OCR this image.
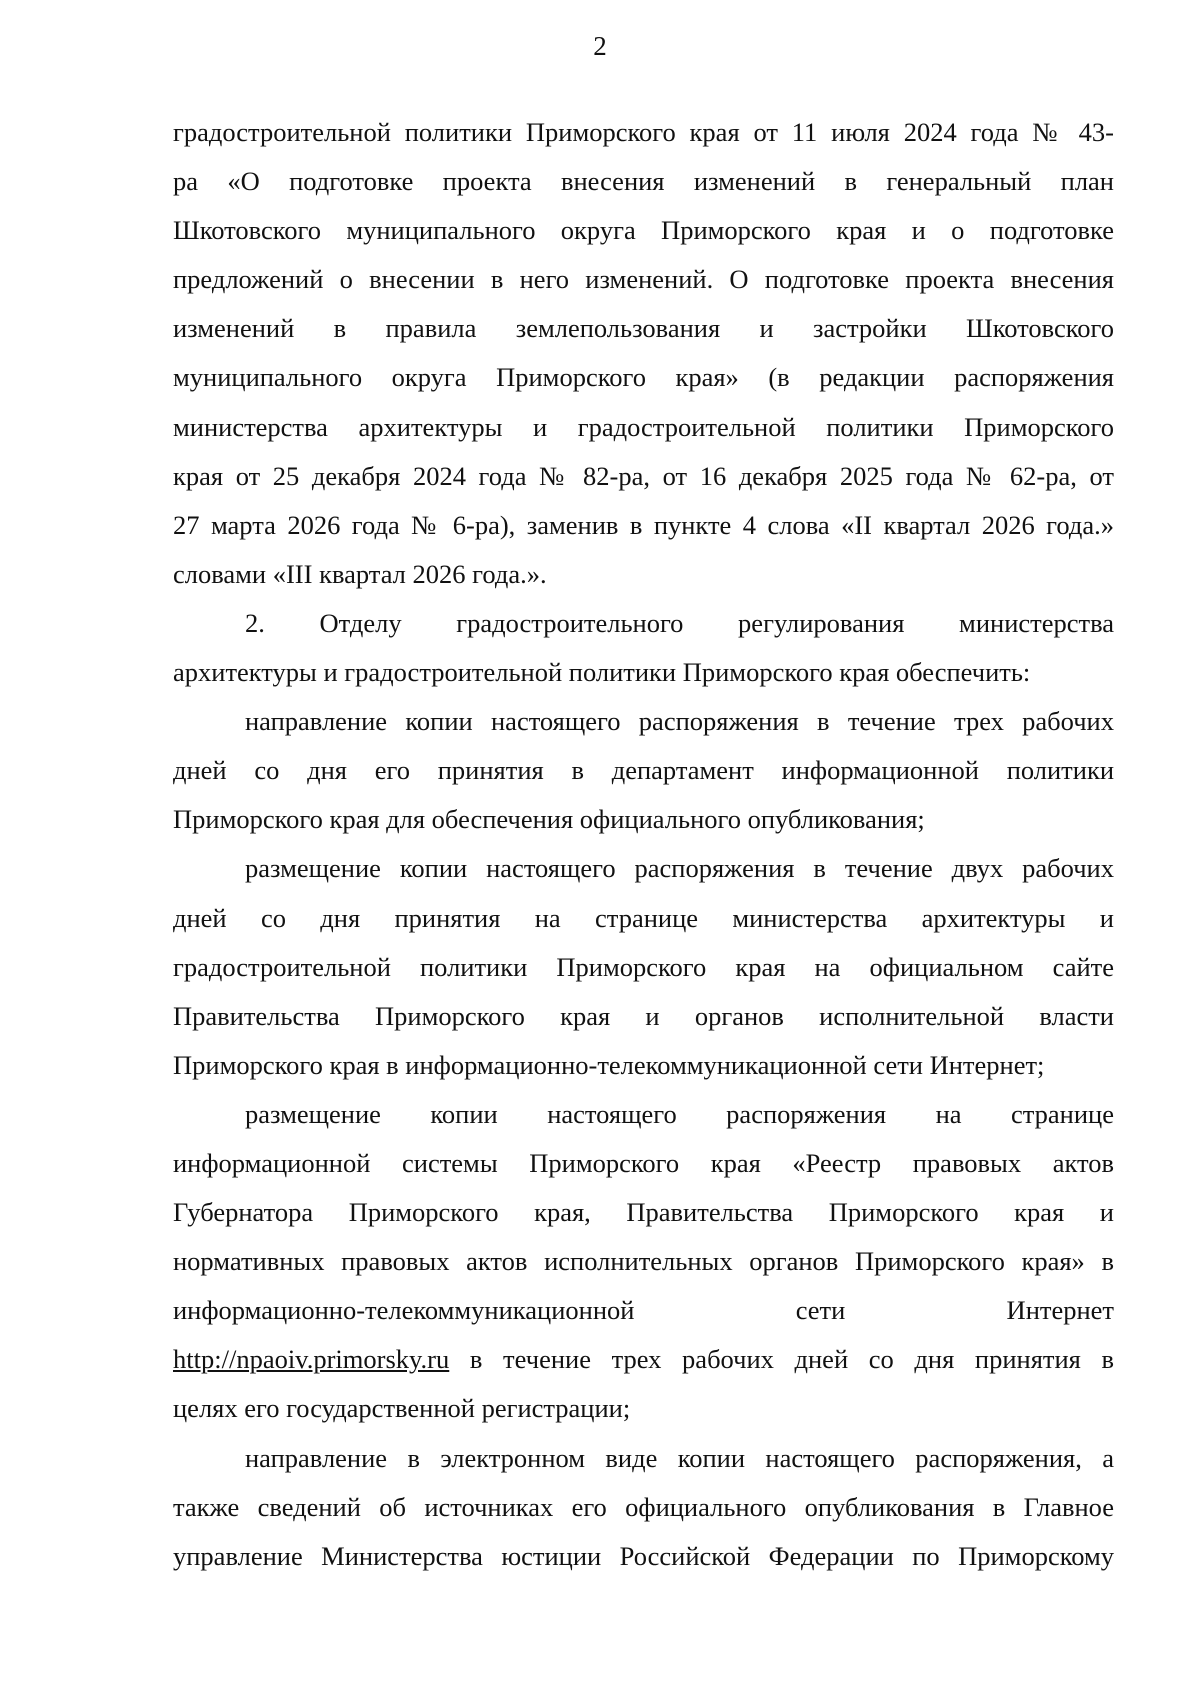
2
градостроительной политики Приморского края от 11 июля 2024 года № 43-
ра «О подготовке проекта внесения изменений в генеральный план
Шкотовского муниципального округа Приморского края и о подготовке
предложений о внесении в него изменений. О подготовке проекта внесения
изменений в правила землепользования и застройки Шкотовского
муниципального округа Приморского края» (в редакции распоряжения
министерства архитектуры и градостроительной политики Приморского
края от 25 декабря 2024 года № 82-ра, от 16 декабря 2025 года № 62-ра, от
27 марта 2026 года № 6-ра), заменив в пункте 4 слова «II квартал 2026 года.»
словами «III квартал 2026 года.».
2. Отделу градостроительного регулирования министерства
архитектуры и градостроительной политики Приморского края обеспечить:
направление копии настоящего распоряжения в течение трех рабочих
дней со дня его принятия в департамент информационной политики
Приморского края для обеспечения официального опубликования;
размещение копии настоящего распоряжения в течение двух рабочих
дней со дня принятия на странице министерства архитектуры и
градостроительной политики Приморского края на официальном сайте
Правительства Приморского края и органов исполнительной власти
Приморского края в информационно-телекоммуникационной сети Интернет;
размещение копии настоящего распоряжения на странице
информационной системы Приморского края «Реестр правовых актов
Губернатора Приморского края, Правительства Приморского края и
нормативных правовых актов исполнительных органов Приморского края» в
информационно-телекоммуникационной сети Интернет
http://npaoiv.primorsky.ru в течение трех рабочих дней со дня принятия в
целях его государственной регистрации;
направление в электронном виде копии настоящего распоряжения, а
также сведений об источниках его официального опубликования в Главное
управление Министерства юстиции Российской Федерации по Приморскому
